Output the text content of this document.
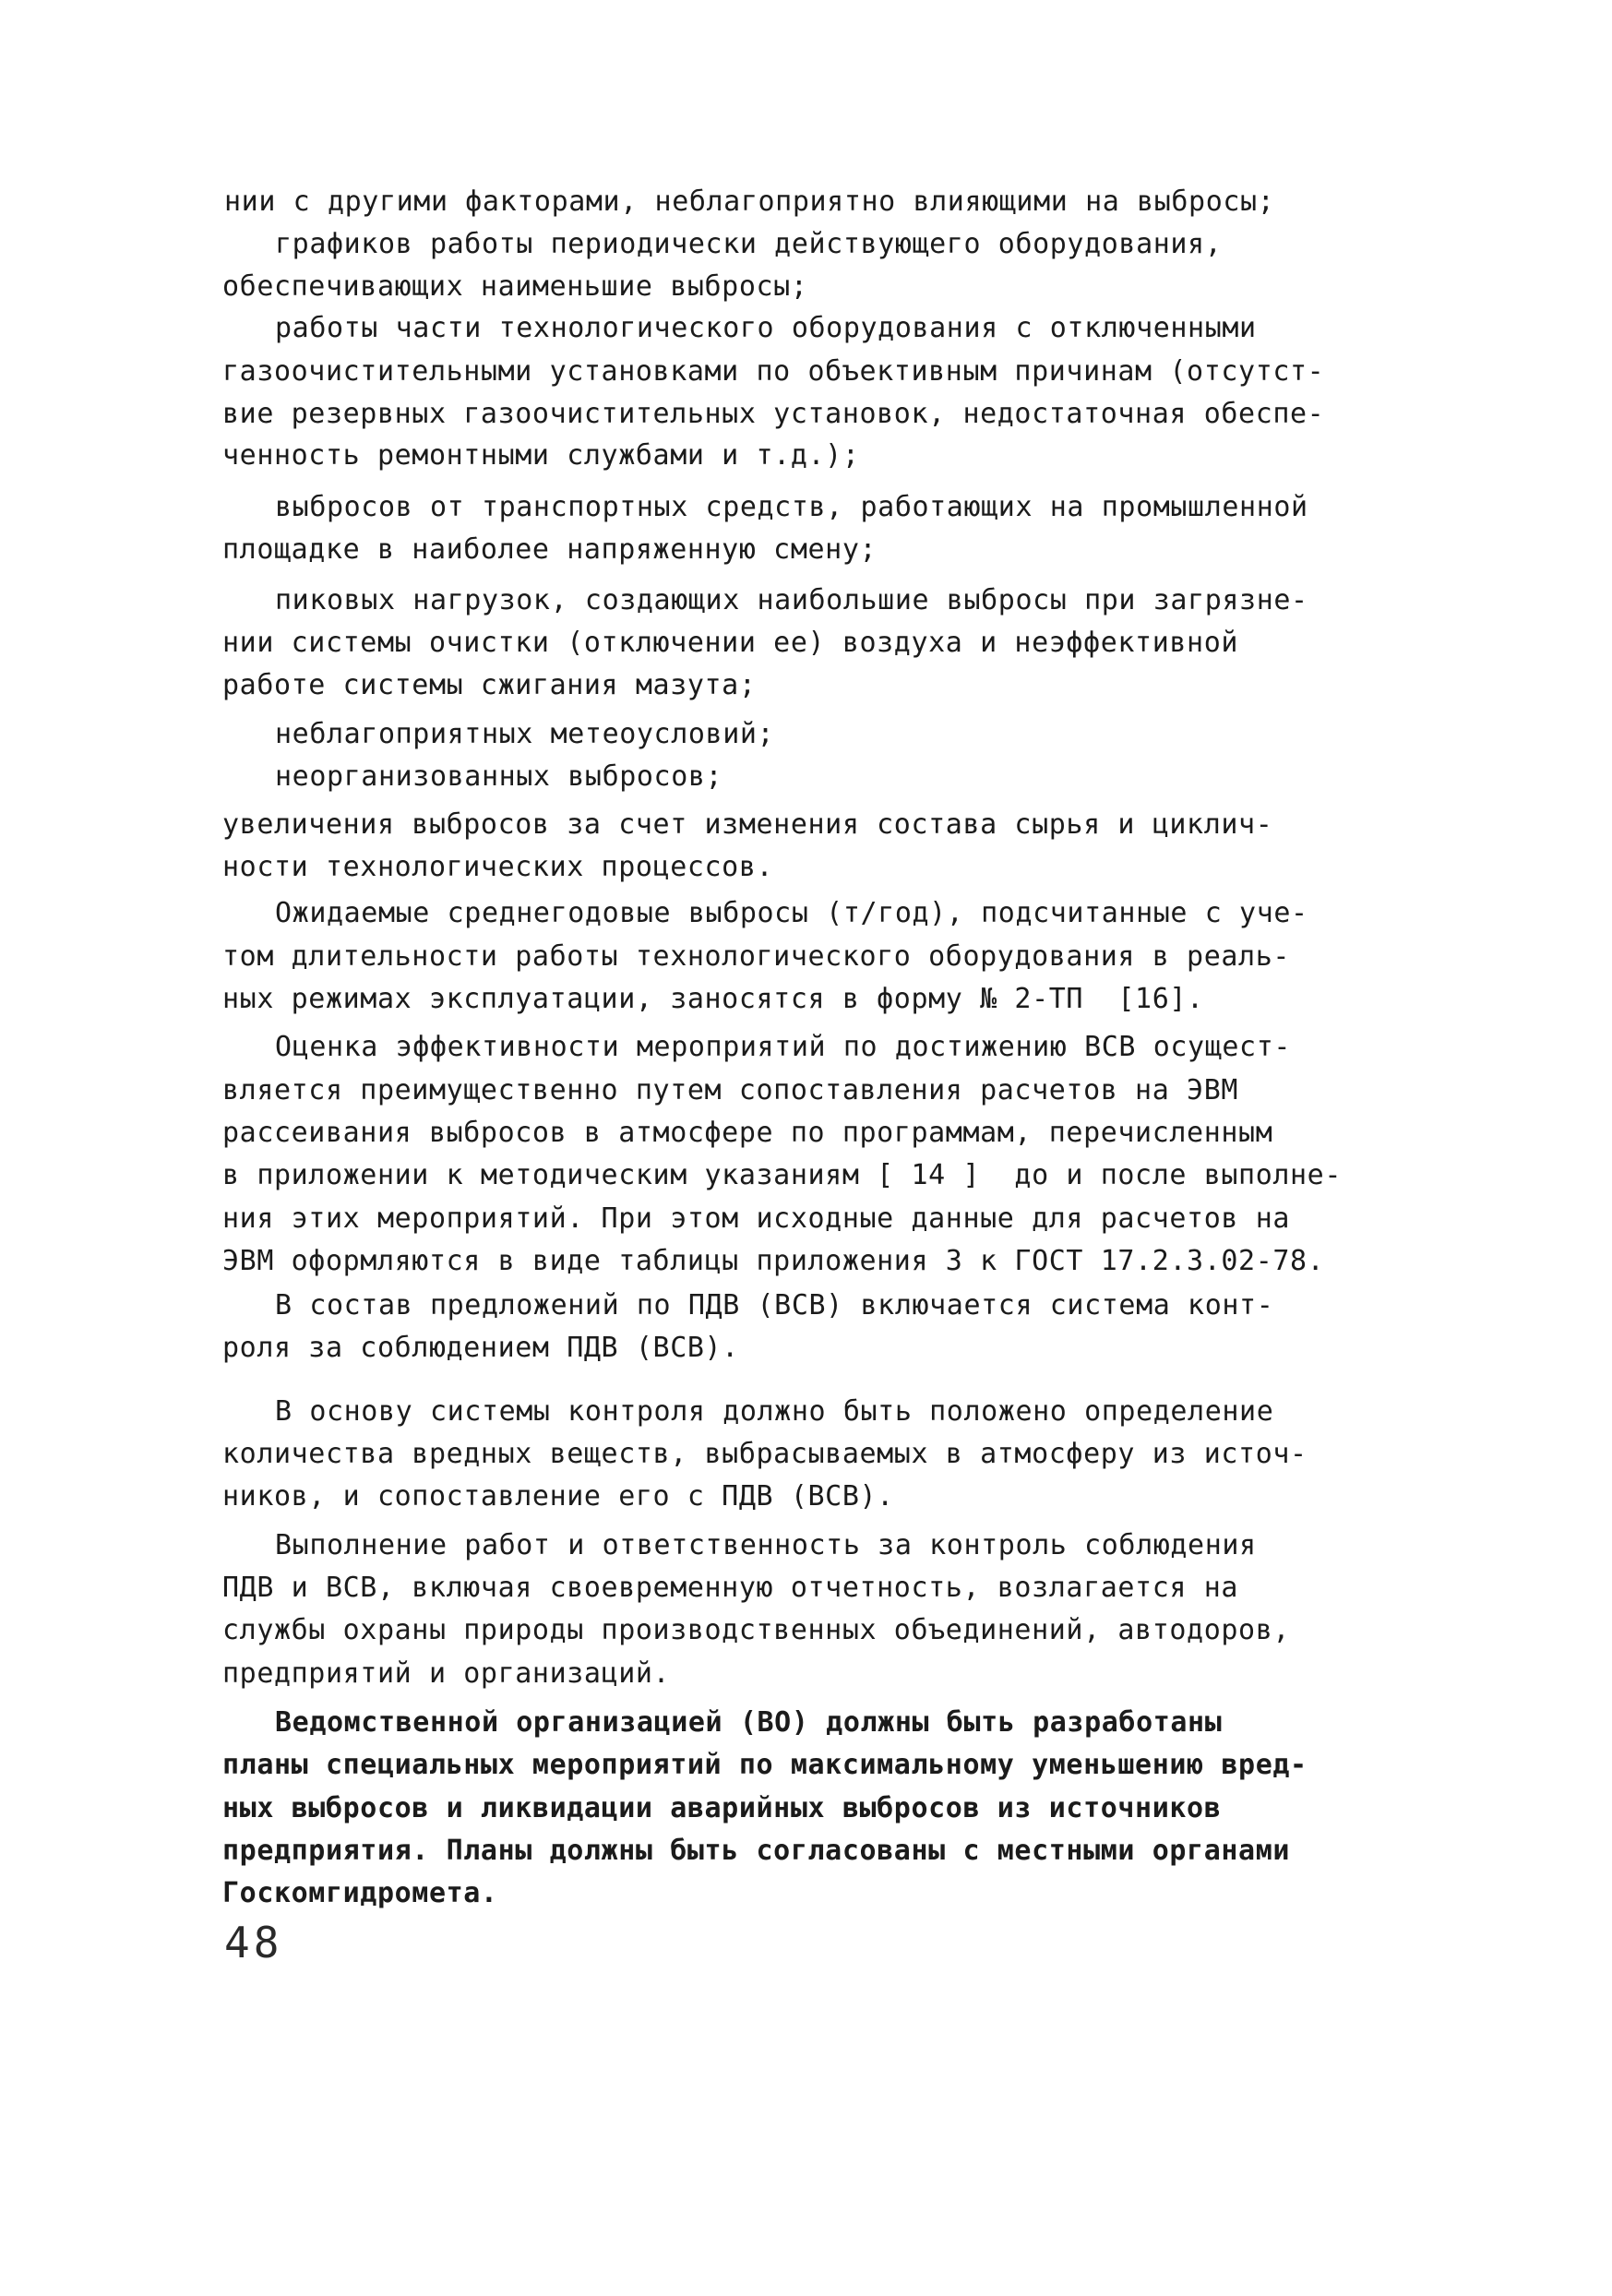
нии с другими факторами, неблагоприятно влияющими на выбросы;
графиков работы периодически действующего оборудования,
обеспечивающих наименьшие выбросы;
работы части технологического оборудования с отключенными
газоочистительными установками по объективным причинам (отсутст-
вие резервных газоочистительных установок, недостаточная обеспе-
ченность ремонтными службами и т.д.);
выбросов от транспортных средств, работающих на промышленной
площадке в наиболее напряженную смену;
пиковых нагрузок, создающих наибольшие выбросы при загрязне-
нии системы очистки (отключении ее) воздуха и неэффективной
работе системы сжигания мазута;
неблагоприятных метеоусловий;
неорганизованных выбросов;
увеличения выбросов за счет изменения состава сырья и циклич-
ности технологических процессов.
Ожидаемые среднегодовые выбросы (т/год), подсчитанные с уче-
том длительности работы технологического оборудования в реаль-
ных режимах эксплуатации, заносятся в форму № 2-ТП  [16].
Оценка эффективности мероприятий по достижению ВСВ осущест-
вляется преимущественно путем сопоставления расчетов на ЭВМ
рассеивания выбросов в атмосфере по программам, перечисленным
в приложении к методическим указаниям [ 14 ]  до и после выполне-
ния этих мероприятий. При этом исходные данные для расчетов на
ЭВМ оформляются в виде таблицы приложения 3 к ГОСТ 17.2.3.02-78.
В состав предложений по ПДВ (ВСВ) включается система конт-
роля за соблюдением ПДВ (ВСВ).
В основу системы контроля должно быть положено определение
количества вредных веществ, выбрасываемых в атмосферу из источ-
ников, и сопоставление его с ПДВ (ВСВ).
Выполнение работ и ответственность за контроль соблюдения
ПДВ и ВСВ, включая своевременную отчетность, возлагается на
службы охраны природы производственных объединений, автодоров,
предприятий и организаций.
Ведомственной организацией (ВО) должны быть разработаны
планы специальных мероприятий по максимальному уменьшению вред-
ных выбросов и ликвидации аварийных выбросов из источников
предприятия. Планы должны быть согласованы с местными органами
Госкомгидромета.
48
